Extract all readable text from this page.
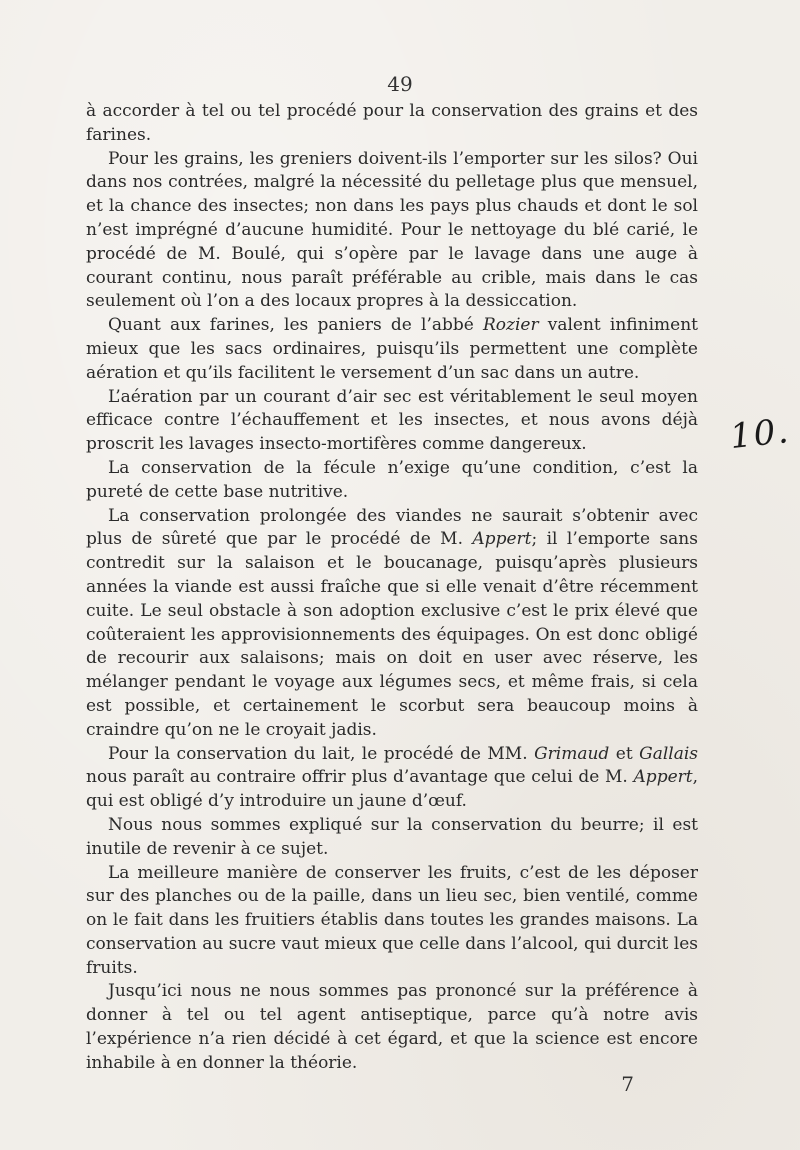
49

à accorder à tel ou tel procédé pour la conservation des grains et des farines.

Pour les grains, les greniers doivent-ils l’emporter sur les silos? Oui dans nos contrées, malgré la nécessité du pelletage plus que mensuel, et la chance des insectes; non dans les pays plus chauds et dont le sol n’est imprégné d’aucune humidité. Pour le nettoyage du blé carié, le procédé de M. Boulé, qui s’opère par le lavage dans une auge à courant continu, nous paraît préférable au crible, mais dans le cas seulement où l’on a des locaux propres à la dessiccation.

Quant aux farines, les paniers de l’abbé Rozier valent infiniment mieux que les sacs ordinaires, puisqu’ils permettent une complète aération et qu’ils facilitent le versement d’un sac dans un autre.

L’aération par un courant d’air sec est véritablement le seul moyen efficace contre l’échauffement et les insectes, et nous avons déjà proscrit les lavages insecto-mortifères comme dangereux.

La conservation de la fécule n’exige qu’une condition, c’est la pureté de cette base nutritive.

La conservation prolongée des viandes ne saurait s’obtenir avec plus de sûreté que par le procédé de M. Appert; il l’emporte sans contredit sur la salaison et le boucanage, puisqu’après plusieurs années la viande est aussi fraîche que si elle venait d’être récemment cuite. Le seul obstacle à son adoption exclusive c’est le prix élevé que coûteraient les approvisionnements des équipages. On est donc obligé de recourir aux salaisons; mais on doit en user avec réserve, les mélanger pendant le voyage aux légumes secs, et même frais, si cela est possible, et certainement le scorbut sera beaucoup moins à craindre qu’on ne le croyait jadis.

Pour la conservation du lait, le procédé de MM. Grimaud et Gallais nous paraît au contraire offrir plus d’avantage que celui de M. Appert, qui est obligé d’y introduire un jaune d’œuf.

Nous nous sommes expliqué sur la conservation du beurre; il est inutile de revenir à ce sujet.

La meilleure manière de conserver les fruits, c’est de les déposer sur des planches ou de la paille, dans un lieu sec, bien ventilé, comme on le fait dans les fruitiers établis dans toutes les grandes maisons. La conservation au sucre vaut mieux que celle dans l’alcool, qui durcit les fruits.

Jusqu’ici nous ne nous sommes pas prononcé sur la préférence à donner à tel ou tel agent antiseptique, parce qu’à notre avis l’expérience n’a rien décidé à cet égard, et que la science est encore inhabile à en donner la théorie.

10.
7
